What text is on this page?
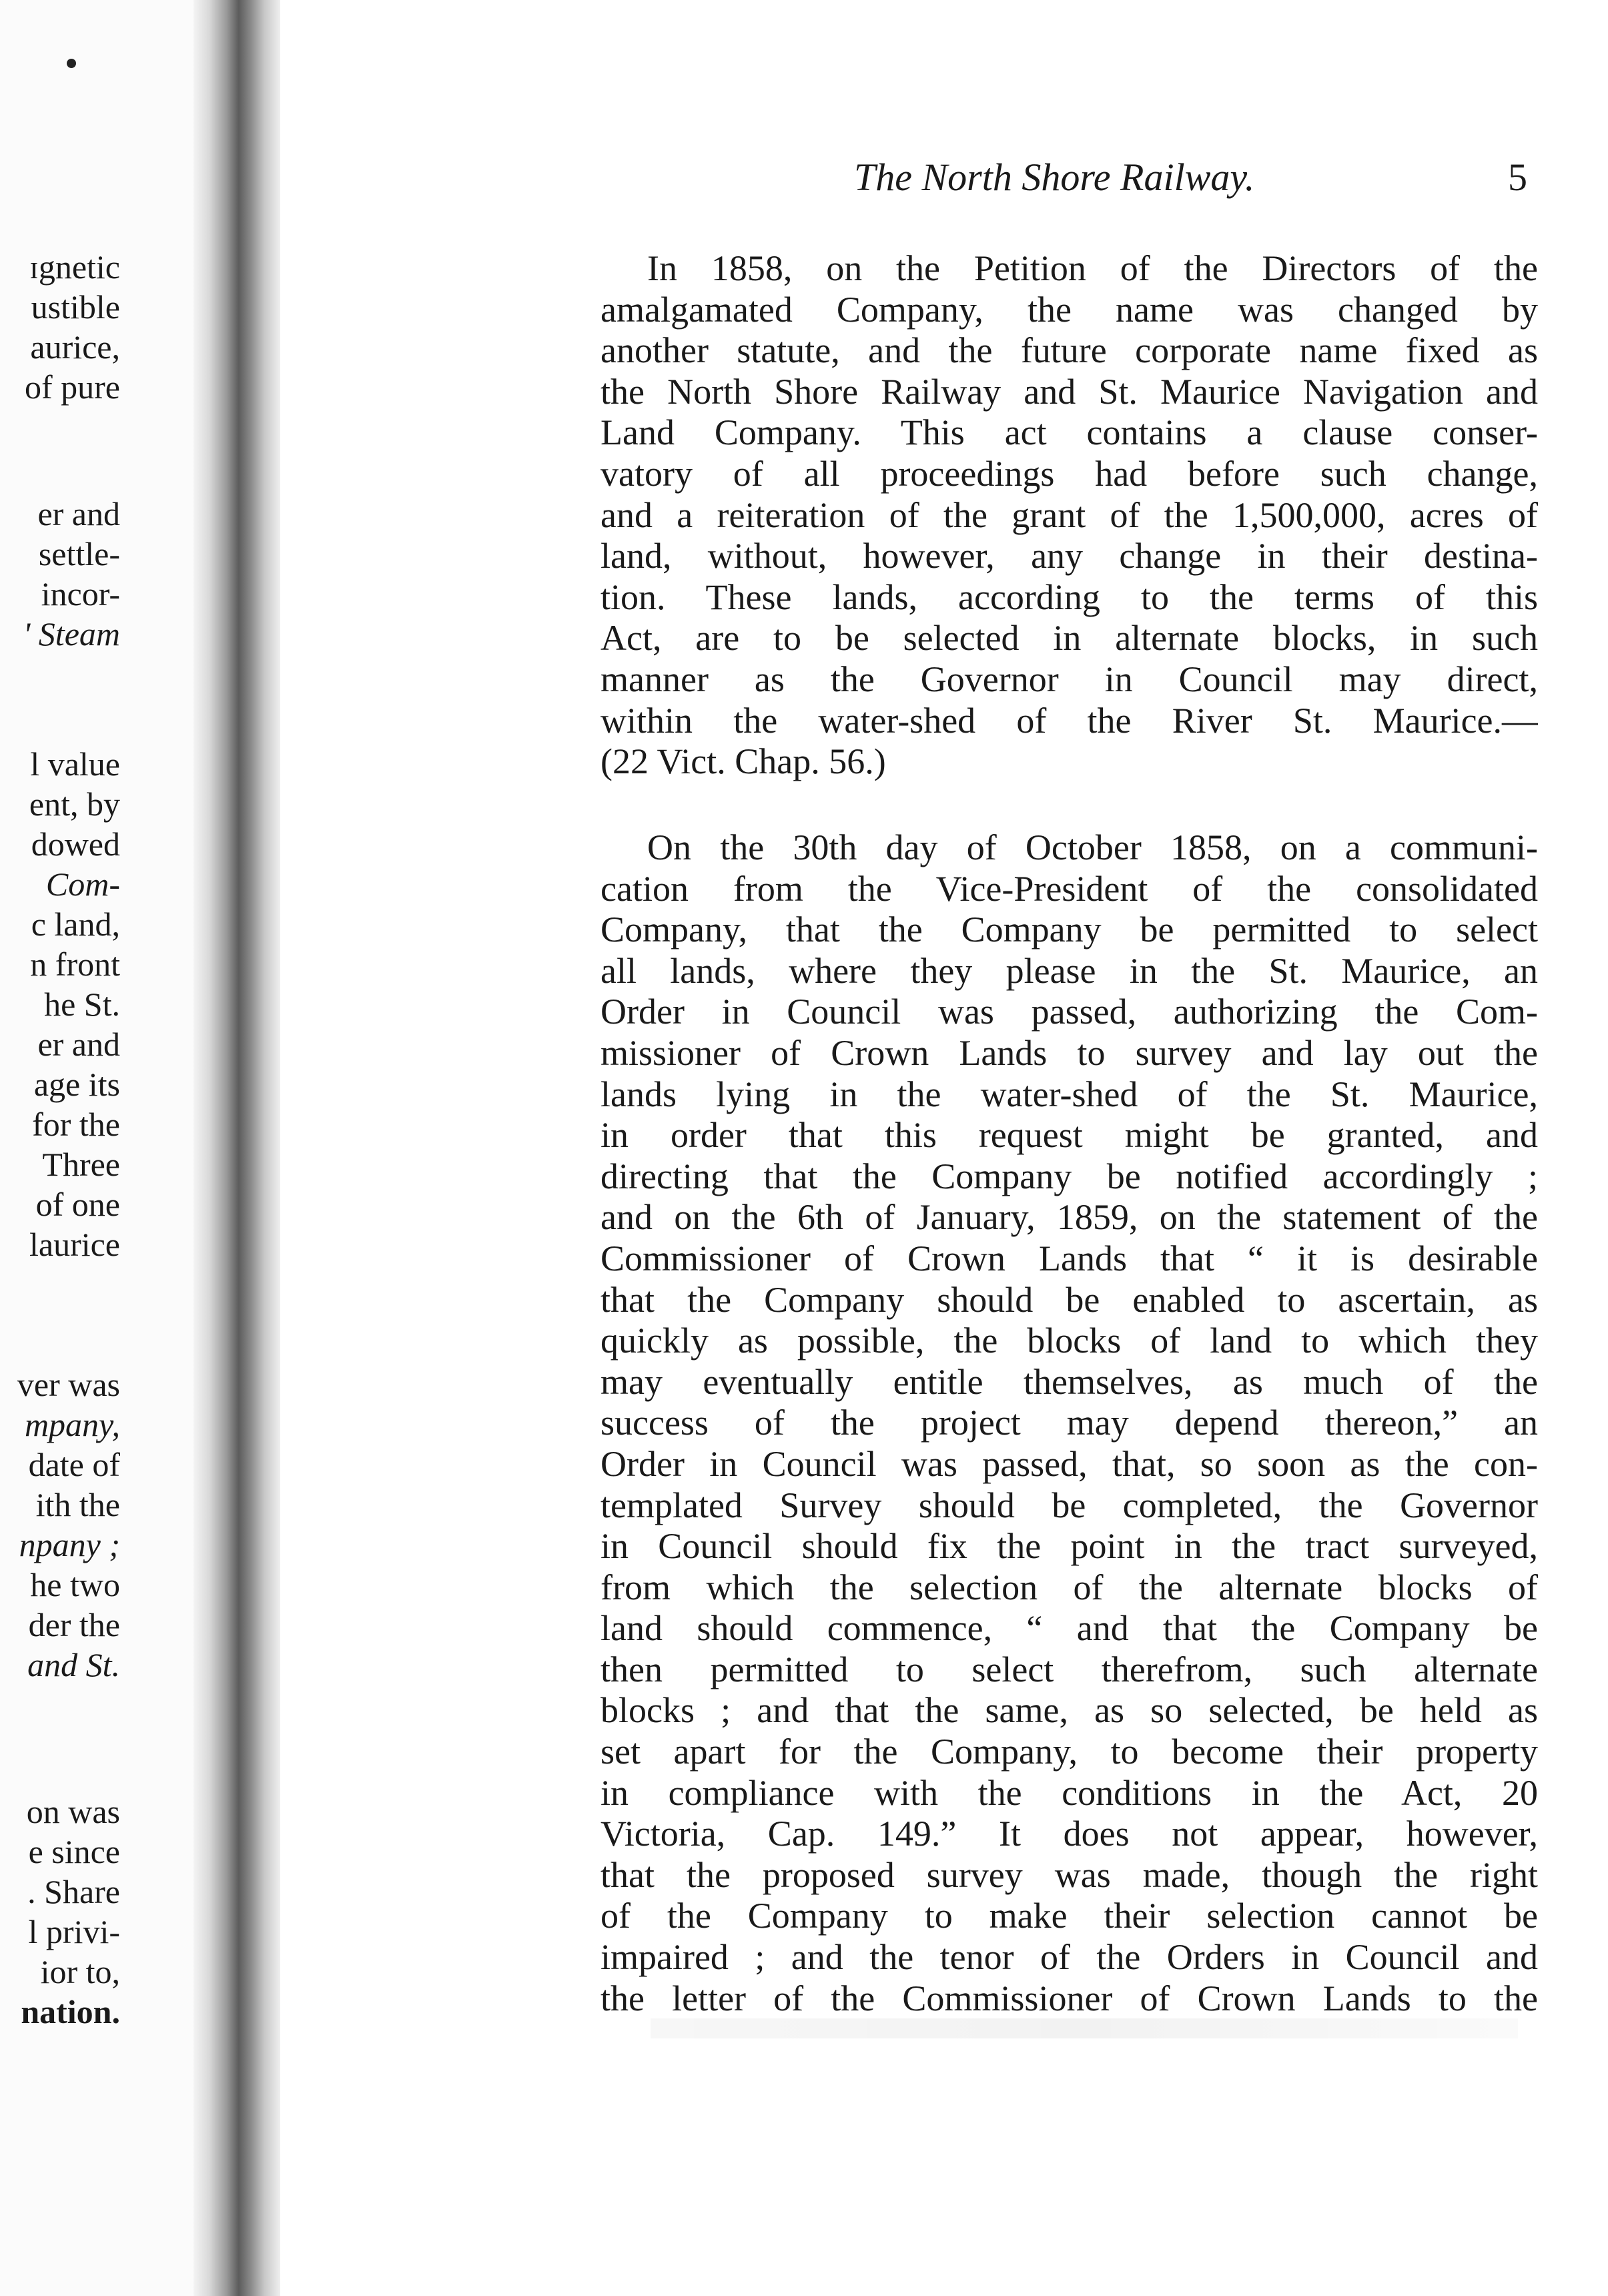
ɪgnetic
ustible
aurice,
of pure
er and
settle-
incor-
' Steam
l value
ent, by
dowed
Com-
c land,
n front
he St.
er and
age its
for the
Three
of one
laurice
ver was
mpany,
date of
ith the
npany ;
he two
der the
and St.
on was
e since
. Share
l privi-
ior to,
nation.
The North Shore Railway.	5

In 1858, on the Petition of the Directors of the
amalgamated Company, the name was changed by
another statute, and the future corporate name fixed as
the North Shore Railway and St. Maurice Navigation and
Land Company. This act contains a clause conser-
vatory of all proceedings had before such change,
and a reiteration of the grant of the 1,500,000, acres of
land, without, however, any change in their destina-
tion. These lands, according to the terms of this
Act, are to be selected in alternate blocks, in such
manner as the Governor in Council may direct,
within the water-shed of the River St. Maurice.—
(22 Vict. Chap. 56.)

On the 30th day of October 1858, on a communi-
cation from the Vice-President of the consolidated
Company, that the Company be permitted to select
all lands, where they please in the St. Maurice, an
Order in Council was passed, authorizing the Com-
missioner of Crown Lands to survey and lay out the
lands lying in the water-shed of the St. Maurice,
in order that this request might be granted, and
directing that the Company be notified accordingly ;
and on the 6th of January, 1859, on the statement of the
Commissioner of Crown Lands that “ it is desirable
that the Company should be enabled to ascertain, as
quickly as possible, the blocks of land to which they
may eventually entitle themselves, as much of the
success of the project may depend thereon,” an
Order in Council was passed, that, so soon as the con-
templated Survey should be completed, the Governor
in Council should fix the point in the tract surveyed,
from which the selection of the alternate blocks of
land should commence, “ and that the Company be
then permitted to select therefrom, such alternate
blocks ; and that the same, as so selected, be held as
set apart for the Company, to become their property
in compliance with the conditions in the Act, 20
Victoria, Cap. 149.” It does not appear, however,
that the proposed survey was made, though the right
of the Company to make their selection cannot be
impaired ; and the tenor of the Orders in Council and
the letter of the Commissioner of Crown Lands to the
